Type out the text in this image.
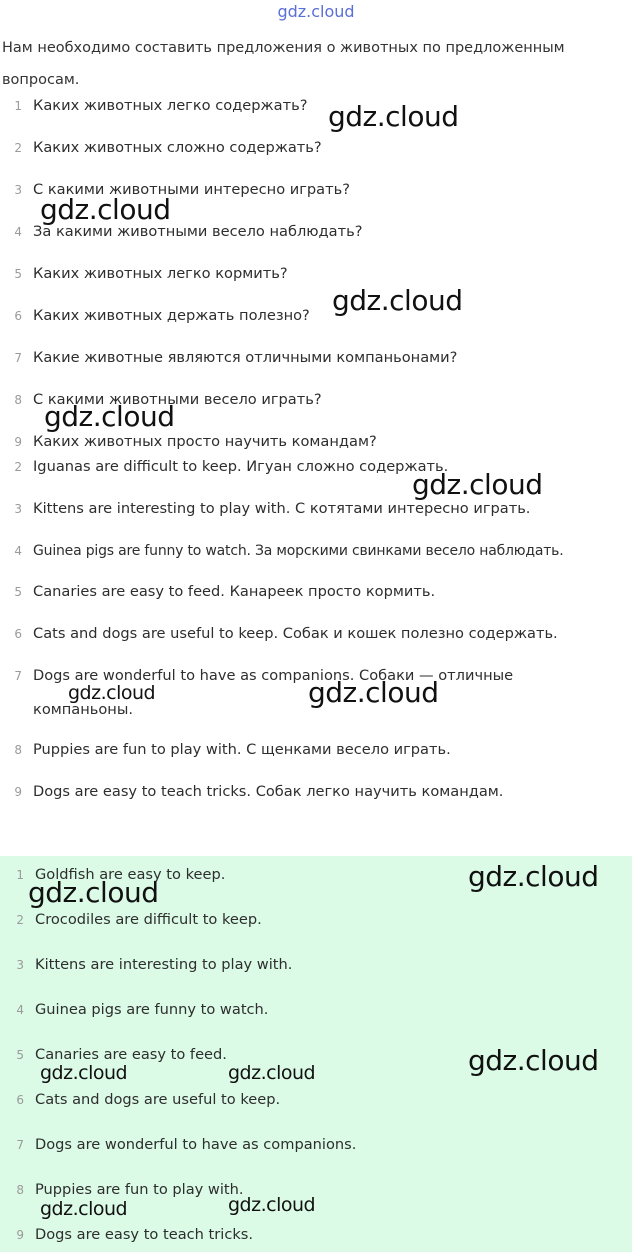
gdz.cloud
Нам необходимо составить предложения о животных по предложенным вопросам.
1 Каких животных легко содержать?
2 Каких животных сложно содержать?
3 С какими животными интересно играть?
4 За какими животными весело наблюдать?
5 Каких животных легко кормить?
6 Каких животных держать полезно?
7 Какие животные являются отличными компаньонами?
8 С какими животными весело играть?
9 Каких животных просто научить командам?
2 Iguanas are difficult to keep. Игуан сложно содержать.
3 Kittens are interesting to play with. С котятами интересно играть.
4 Guinea pigs are funny to watch. За морскими свинками весело наблюдать.
5 Canaries are easy to feed. Канареек просто кормить.
6 Cats and dogs are useful to keep. Собак и кошек полезно содержать.
7 Dogs are wonderful to have as companions. Собаки — отличные
компаньоны.
8 Puppies are fun to play with. С щенками весело играть.
9 Dogs are easy to teach tricks. Собак легко научить командам.
1 Goldfish are easy to keep.
2 Crocodiles are difficult to keep.
3 Kittens are interesting to play with.
4 Guinea pigs are funny to watch.
5 Canaries are easy to feed.
6 Cats and dogs are useful to keep.
7 Dogs are wonderful to have as companions.
8 Puppies are fun to play with.
9 Dogs are easy to teach tricks.
gdz.cloud
gdz.cloud
gdz.cloud
gdz.cloud
gdz.cloud
gdz.cloud	gdz.cloud
gdz.cloud
gdz.cloud
gdz.cloud
gdz.cloud	gdz.cloud
gdz.cloud
gdz.cloud
